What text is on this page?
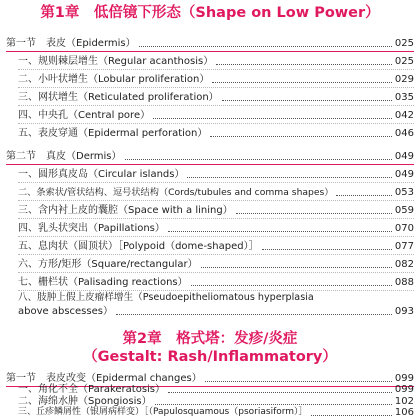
第1章　低倍镜下形态（Shape on Low Power）
第一节　表皮（Epidermis）	025
一、规则棘层增生（Regular acanthosis）	025
二、小叶状增生（Lobular proliferation）	029
三、网状增生（Reticulated proliferation）	035
四、中央孔（Central pore）	042
五、表皮穿通（Epidermal perforation）	046
第二节　真皮（Dermis）	049
一、圆形真皮岛（Circular islands）	049
二、条索状/管状结构、逗号状结构（Cords/tubules and comma shapes）	053
三、含内衬上皮的囊腔（Space with a lining）	059
四、乳头状突出（Papillations）	070
五、息肉状（圆顶状）［Polypoid（dome-shaped）］	077
六、方形/矩形（Square/rectangular）	082
七、栅栏状（Palisading reactions）	088
八、肢肿上假上皮瘤样增生（Pseudoepitheliomatous hyperplasia
above abscesses）	093
第2章　格式塔：发疹/炎症
（Gestalt: Rash/Inflammatory）
第一节　表皮改变（Epidermal changes）	099
一、角化不全（Parakeratosis）	099
二、海绵水肿（Spongiosis）	102
三、丘疹鳞屑性（银屑病样变）［（Papulosquamous（psoriasiform）］	106
